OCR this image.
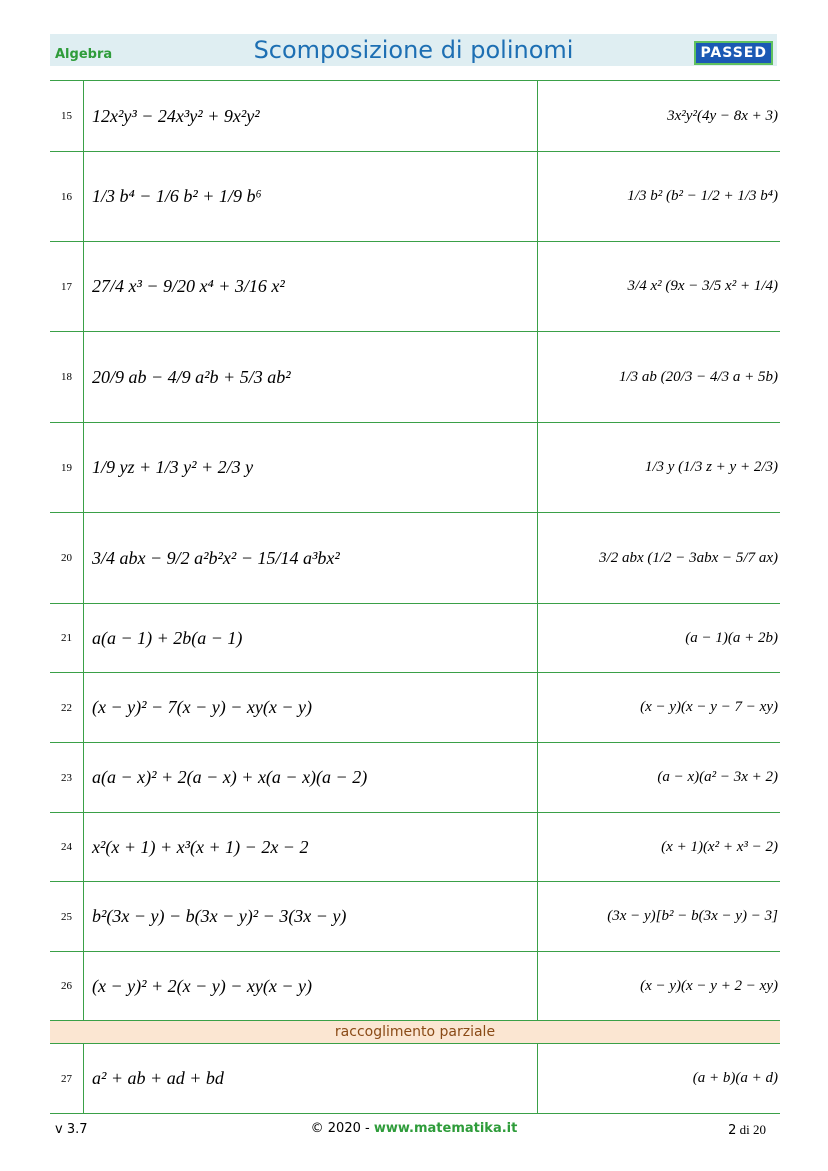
Algebra	Scomposizione di polinomi	PASSED
15	12x²y³ − 24x³y² + 9x²y²	3x²y²(4y − 8x + 3)
16	1/3 b⁴ − 1/6 b² + 1/9 b⁶	1/3 b² (b² − 1/2 + 1/3 b⁴)
17	27/4 x³ − 9/20 x⁴ + 3/16 x²	3/4 x² (9x − 3/5 x² + 1/4)
18	20/9 ab − 4/9 a²b + 5/3 ab²	1/3 ab (20/3 − 4/3 a + 5b)
19	1/9 yz + 1/3 y² + 2/3 y	1/3 y (1/3 z + y + 2/3)
20	3/4 abx − 9/2 a²b²x² − 15/14 a³bx²	3/2 abx (1/2 − 3abx − 5/7 ax)
21	a(a − 1) + 2b(a − 1)	(a − 1)(a + 2b)
22	(x − y)² − 7(x − y) − xy(x − y)	(x − y)(x − y − 7 − xy)
23	a(a − x)² + 2(a − x) + x(a − x)(a − 2)	(a − x)(a² − 3x + 2)
24	x²(x + 1) + x³(x + 1) − 2x − 2	(x + 1)(x² + x³ − 2)
25	b²(3x − y) − b(3x − y)² − 3(3x − y)	(3x − y)[b² − b(3x − y) − 3]
26	(x − y)² + 2(x − y) − xy(x − y)	(x − y)(x − y + 2 − xy)
raccoglimento parziale
27	a² + ab + ad + bd	(a + b)(a + d)
v 3.7	© 2020 - www.matematika.it	2 di 20
